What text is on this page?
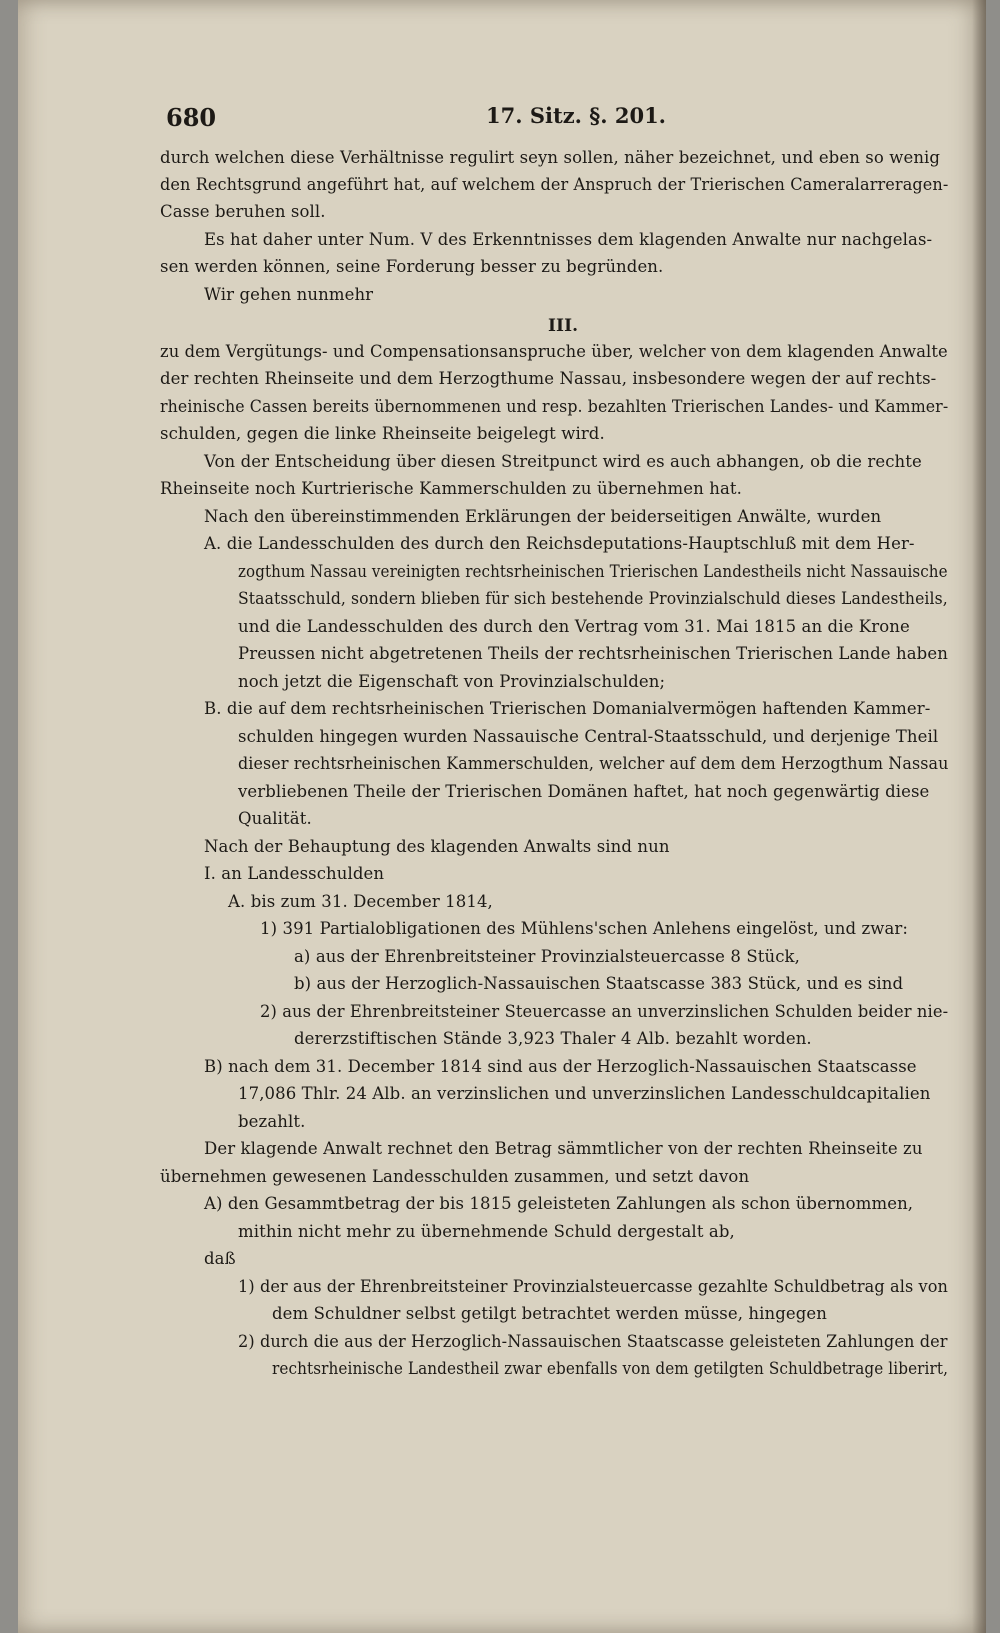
680	17. Sitz. §. 201.
durch welchen diese Verhältnisse regulirt seyn sollen, näher bezeichnet, und eben so wenig
den Rechtsgrund angeführt hat, auf welchem der Anspruch der Trierischen Cameralarreragen-
Casse beruhen soll.
Es hat daher unter Num. V des Erkenntnisses dem klagenden Anwalte nur nachgelas-
sen werden können, seine Forderung besser zu begründen.
Wir gehen nunmehr
III.
zu dem Vergütungs- und Compensationsanspruche über, welcher von dem klagenden Anwalte
der rechten Rheinseite und dem Herzogthume Nassau, insbesondere wegen der auf rechts-
rheinische Cassen bereits übernommenen und resp. bezahlten Trierischen Landes- und Kammer-
schulden, gegen die linke Rheinseite beigelegt wird.
Von der Entscheidung über diesen Streitpunct wird es auch abhangen, ob die rechte
Rheinseite noch Kurtrierische Kammerschulden zu übernehmen hat.
Nach den übereinstimmenden Erklärungen der beiderseitigen Anwälte, wurden
A. die Landesschulden des durch den Reichsdeputations-Hauptschluß mit dem Her-
zogthum Nassau vereinigten rechtsrheinischen Trierischen Landestheils nicht Nassauische
Staatsschuld, sondern blieben für sich bestehende Provinzialschuld dieses Landestheils,
und die Landesschulden des durch den Vertrag vom 31. Mai 1815 an die Krone
Preussen nicht abgetretenen Theils der rechtsrheinischen Trierischen Lande haben
noch jetzt die Eigenschaft von Provinzialschulden;
B. die auf dem rechtsrheinischen Trierischen Domanialvermögen haftenden Kammer-
schulden hingegen wurden Nassauische Central-Staatsschuld, und derjenige Theil
dieser rechtsrheinischen Kammerschulden, welcher auf dem dem Herzogthum Nassau
verbliebenen Theile der Trierischen Domänen haftet, hat noch gegenwärtig diese
Qualität.
Nach der Behauptung des klagenden Anwalts sind nun
I. an Landesschulden
A. bis zum 31. December 1814,
1) 391 Partialobligationen des Mühlens'schen Anlehens eingelöst, und zwar:
a) aus der Ehrenbreitsteiner Provinzialsteuercasse 8 Stück,
b) aus der Herzoglich-Nassauischen Staatscasse 383 Stück, und es sind
2) aus der Ehrenbreitsteiner Steuercasse an unverzinslichen Schulden beider nie-
dererzstiftischen Stände 3,923 Thaler 4 Alb. bezahlt worden.
B) nach dem 31. December 1814 sind aus der Herzoglich-Nassauischen Staatscasse
17,086 Thlr. 24 Alb. an verzinslichen und unverzinslichen Landesschuldcapitalien
bezahlt.
Der klagende Anwalt rechnet den Betrag sämmtlicher von der rechten Rheinseite zu
übernehmen gewesenen Landesschulden zusammen, und setzt davon
A) den Gesammtbetrag der bis 1815 geleisteten Zahlungen als schon übernommen,
mithin nicht mehr zu übernehmende Schuld dergestalt ab,
daß
1) der aus der Ehrenbreitsteiner Provinzialsteuercasse gezahlte Schuldbetrag als von
dem Schuldner selbst getilgt betrachtet werden müsse, hingegen
2) durch die aus der Herzoglich-Nassauischen Staatscasse geleisteten Zahlungen der
rechtsrheinische Landestheil zwar ebenfalls von dem getilgten Schuldbetrage liberirt,
